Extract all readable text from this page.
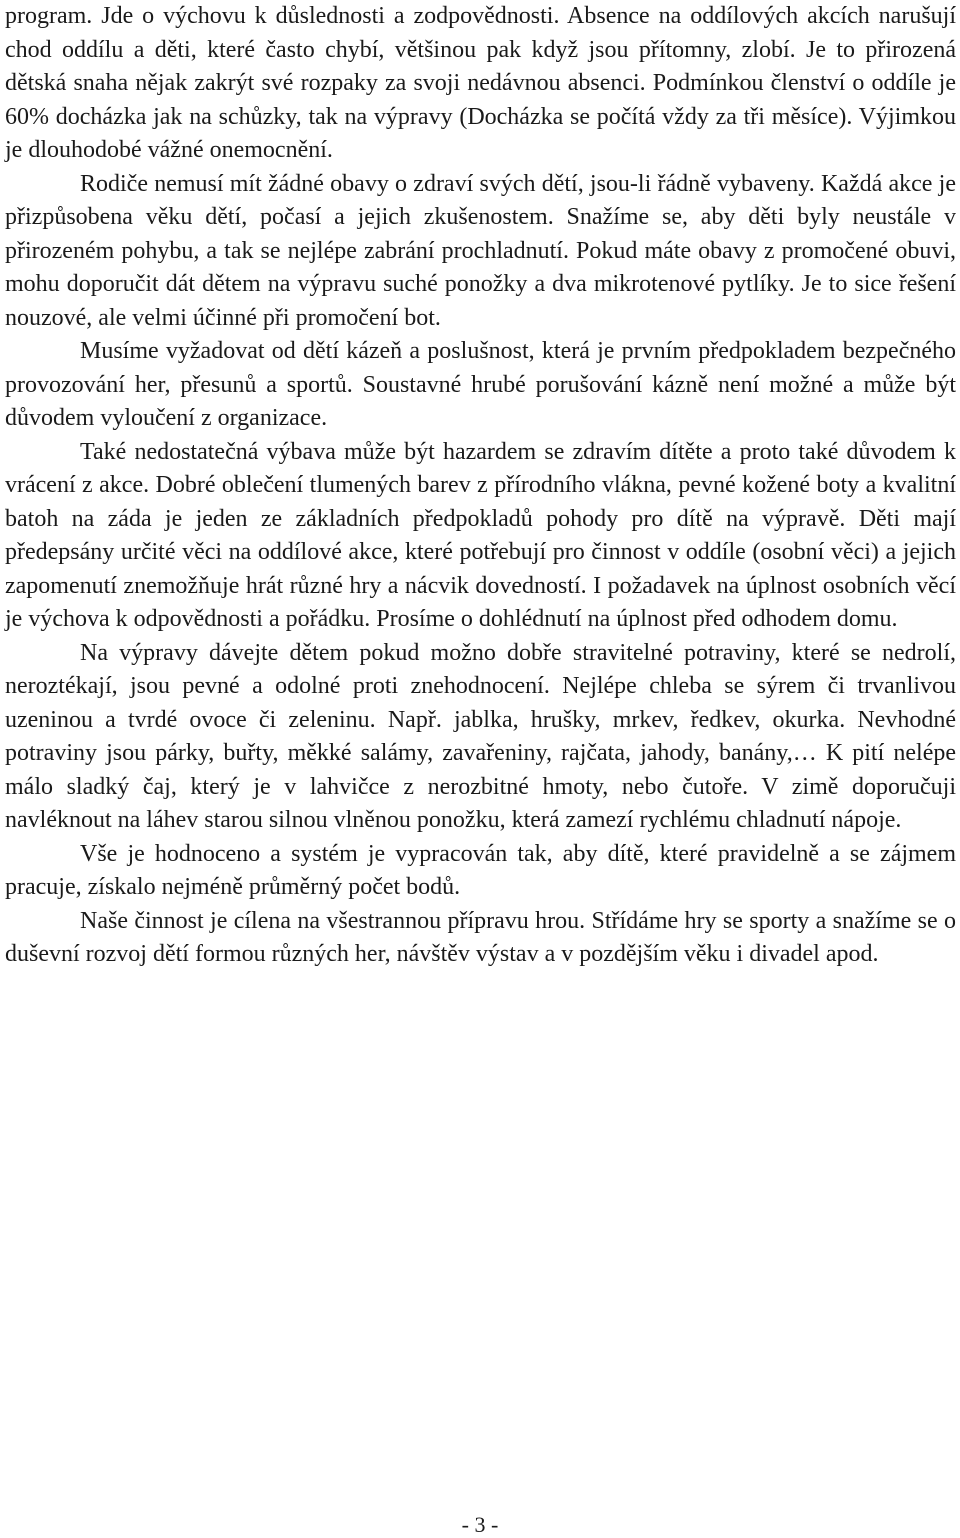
program. Jde o výchovu k důslednosti a zodpovědnosti. Absence na oddílových akcích narušují chod oddílu a děti, které často chybí, většinou pak když jsou přítomny, zlobí. Je to přirozená dětská snaha nějak zakrýt své rozpaky za svoji nedávnou absenci. Podmínkou členství o oddíle je 60% docházka jak na schůzky, tak na výpravy (Docházka se počítá vždy za tři měsíce). Výjimkou je dlouhodobé vážné onemocnění.

Rodiče nemusí mít žádné obavy o zdraví svých dětí, jsou-li řádně vybaveny. Každá akce je přizpůsobena věku dětí, počasí a jejich zkušenostem. Snažíme se, aby děti byly neustále v přirozeném pohybu, a tak se nejlépe zabrání prochladnutí. Pokud máte obavy z promočené obuvi, mohu doporučit dát dětem na výpravu suché ponožky a dva mikrotenové pytlíky. Je to sice řešení nouzové, ale velmi účinné při promočení bot.

Musíme vyžadovat od dětí kázeň a poslušnost, která je prvním předpokladem bezpečného provozování her, přesunů a sportů. Soustavné hrubé porušování kázně není možné a může být důvodem vyloučení z organizace.

Také nedostatečná výbava může být hazardem se zdravím dítěte a proto také důvodem k vrácení z akce. Dobré oblečení tlumených barev z přírodního vlákna, pevné kožené boty a kvalitní batoh na záda je jeden ze základních předpokladů pohody pro dítě na výpravě. Děti mají předepsány určité věci na oddílové akce, které potřebují pro činnost v oddíle (osobní věci) a jejich zapomenutí znemožňuje hrát různé hry a nácvik dovedností. I požadavek na úplnost osobních věcí je výchova k odpovědnosti a pořádku. Prosíme o dohlédnutí na úplnost před odhodem domu.

Na výpravy dávejte dětem pokud možno dobře stravitelné potraviny, které se nedrolí, neroztékají, jsou pevné a odolné proti znehodnocení. Nejlépe chleba se sýrem či trvanlivou uzeninou a tvrdé ovoce či zeleninu. Např. jablka, hrušky, mrkev, ředkev, okurka. Nevhodné potraviny jsou párky, buřty, měkké salámy, zavařeniny, rajčata, jahody, banány,… K pití nelépe málo sladký čaj, který je v lahvičce z nerozbitné hmoty, nebo čutoře. V zimě doporučuji navléknout na láhev starou silnou vlněnou ponožku, která zamezí rychlému chladnutí nápoje.

Vše je hodnoceno a systém je vypracován tak, aby dítě, které pravidelně a se zájmem pracuje, získalo nejméně průměrný počet bodů.

Naše činnost je cílena na všestrannou přípravu hrou. Střídáme hry se sporty a snažíme se o duševní rozvoj dětí formou různých her, návštěv výstav a v pozdějším věku i divadel apod.

- 3 -
